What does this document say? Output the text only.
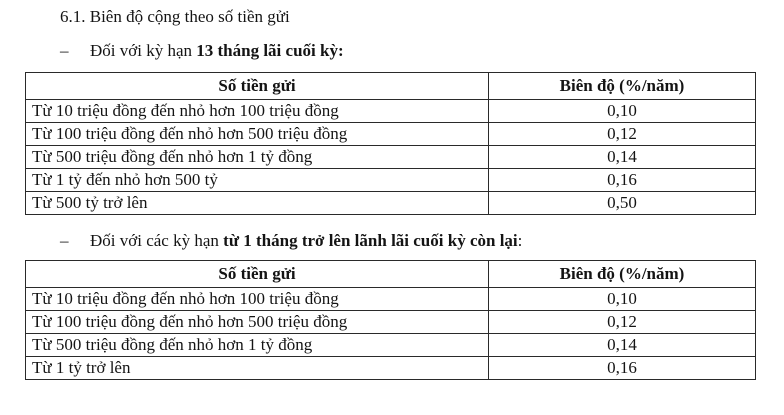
6.1. Biên độ cộng theo số tiền gửi
– Đối với kỳ hạn 13 tháng lãi cuối kỳ:
Số tiền gửi	Biên độ (%/năm)
Từ 10 triệu đồng đến nhỏ hơn 100 triệu đồng	0,10
Từ 100 triệu đồng đến nhỏ hơn 500 triệu đồng	0,12
Từ 500 triệu đồng đến nhỏ hơn 1 tỷ đồng	0,14
Từ 1 tỷ đến nhỏ hơn 500 tỷ	0,16
Từ 500 tỷ trở lên	0,50
– Đối với các kỳ hạn từ 1 tháng trở lên lãnh lãi cuối kỳ còn lại:
Số tiền gửi	Biên độ (%/năm)
Từ 10 triệu đồng đến nhỏ hơn 100 triệu đồng	0,10
Từ 100 triệu đồng đến nhỏ hơn 500 triệu đồng	0,12
Từ 500 triệu đồng đến nhỏ hơn 1 tỷ đồng	0,14
Từ 1 tỷ trở lên	0,16
